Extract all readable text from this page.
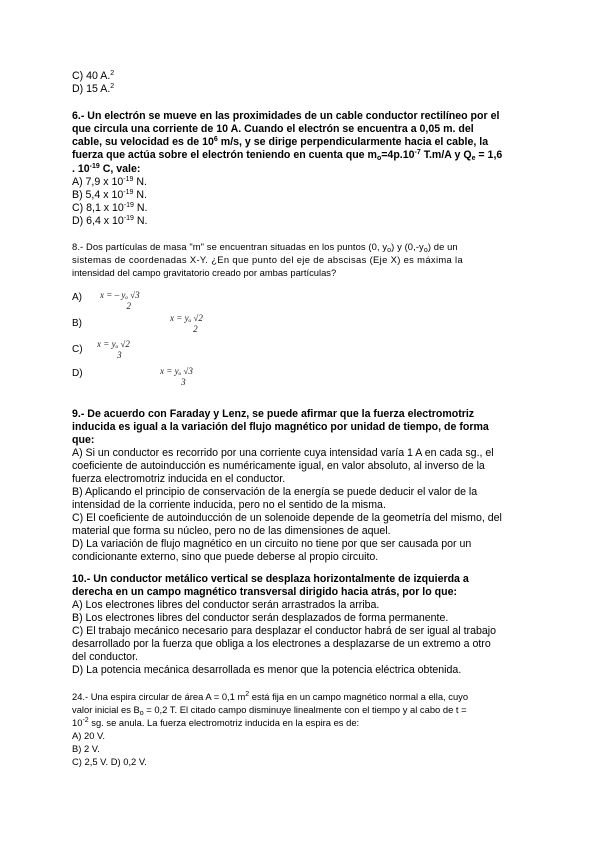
C) 40 A.$^2$
D) 15 A.$^2$
6.- Un electrón se mueve en las proximidades de un cable conductor rectilíneo por el
que circula una corriente de 10 A. Cuando el electrón se encuentra a 0,05 m. del
cable, su velocidad es de $10^6$ m/s, y se dirige perpendicularmente hacia el cable, la
fuerza que actúa sobre el electrón teniendo en cuenta que $m_o=4p.10^{-7}$ T.m/A y $Q_e = 1,6$
. $10^{-19}$ C, vale:
A) 7,9 x $10^{-19}$ N.
B) 5,4 x $10^{-19}$ N.
C) 8,1 x $10^{-19}$ N.
D) 6,4 x $10^{-19}$ N.
8.- Dos partículas de masa "m" se encuentran situadas en los puntos (0, $y_o$) y $(0,-y_o)$ de un
sistemas de coordenadas X-Y. ¿En que punto del eje de abscisas (Eje X) es máxima la
intensidad del campo gravitatorio creado por ambas partículas?
A) x = – yₒ √3
2
B)	x = yₒ √2
2
C) x = yₒ √2
3
D)	x = yₒ √3
3
9.- De acuerdo con Faraday y Lenz, se puede afirmar que la fuerza electromotriz
inducida es igual a la variación del flujo magnético por unidad de tiempo, de forma
que:
A) Si un conductor es recorrido por una corriente cuya intensidad varía 1 A en cada sg., el
coeficiente de autoinducción es numéricamente igual, en valor absoluto, al inverso de la
fuerza electromotriz inducida en el conductor.
B) Aplicando el principio de conservación de la energía se puede deducir el valor de la
intensidad de la corriente inducida, pero no el sentido de la misma.
C) El coeficiente de autoinducción de un solenoide depende de la geometría del mismo, del
material que forma su núcleo, pero no de las dimensiones de aquel.
D) La variación de flujo magnético en un circuito no tiene por que ser causada por un
condicionante externo, sino que puede deberse al propio circuito.
10.- Un conductor metálico vertical se desplaza horizontalmente de izquierda a
derecha en un campo magnético transversal dirigido hacia atrás, por lo que:
A) Los electrones libres del conductor serán arrastrados la arriba.
B) Los electrones libres del conductor serán desplazados de forma permanente.
C) El trabajo mecánico necesario para desplazar el conductor habrá de ser igual al trabajo
desarrollado por la fuerza que obliga a los electrones a desplazarse de un extremo a otro
del conductor.
D) La potencia mecánica desarrollada es menor que la potencia eléctrica obtenida.
24.- Una espira circular de área A = 0,1 $m^2$ está fija en un campo magnético normal a ella, cuyo
valor inicial es $B_o = 0,2$ T. El citado campo disminuye linealmente con el tiempo y al cabo de t =
$10^{-2}$ sg. se anula. La fuerza electromotriz inducida en la espira es de:
A) 20 V.
B) 2 V.
C) 2,5 V. D) 0,2 V.
